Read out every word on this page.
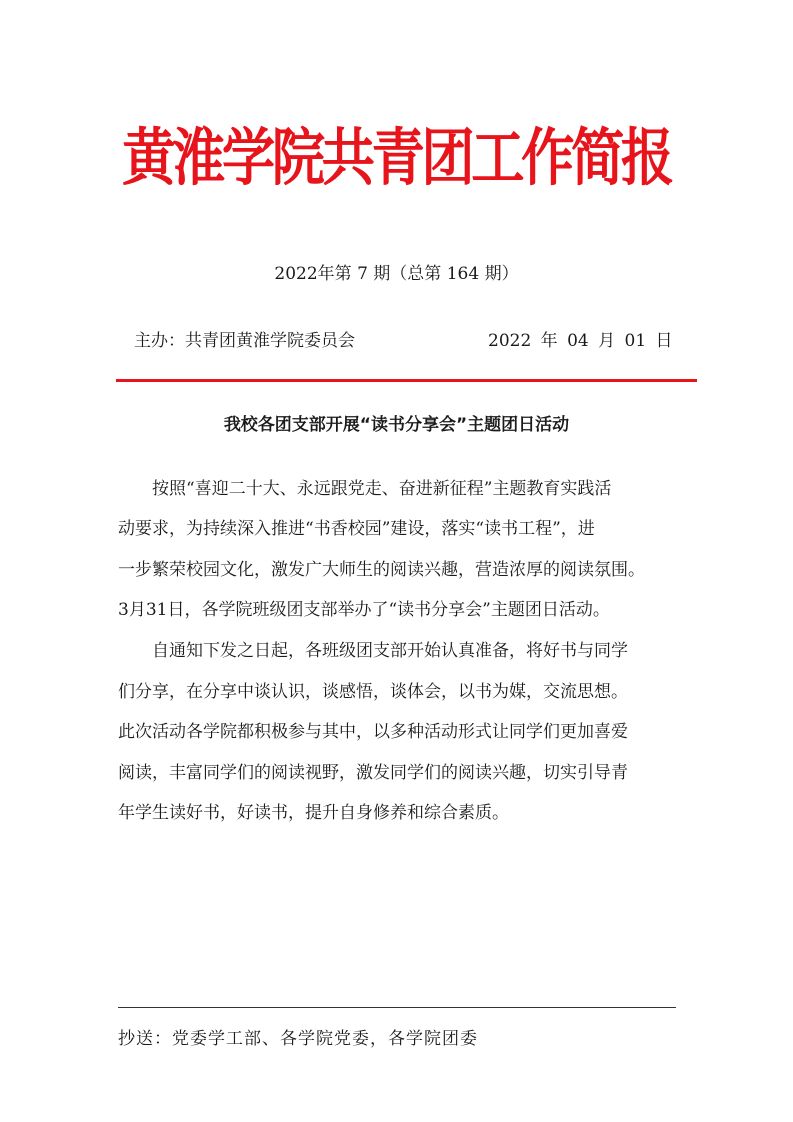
黄淮学院共青团工作简报
2022年第 7 期（总第 164 期）
主办：共青团黄淮学院委员会	2022 年 04 月 01 日
我校各团支部开展“读书分享会”主题团日活动
按照“喜迎二十大、永远跟党走、奋进新征程”主题教育实践活
动要求，为持续深入推进“书香校园”建设，落实“读书工程”，进
一步繁荣校园文化，激发广大师生的阅读兴趣，营造浓厚的阅读氛围。
3月31日，各学院班级团支部举办了“读书分享会”主题团日活动。
自通知下发之日起，各班级团支部开始认真准备，将好书与同学
们分享，在分享中谈认识，谈感悟，谈体会，以书为媒，交流思想。
此次活动各学院都积极参与其中，以多种活动形式让同学们更加喜爱
阅读，丰富同学们的阅读视野，激发同学们的阅读兴趣，切实引导青
年学生读好书，好读书，提升自身修养和综合素质。
抄送：党委学工部、各学院党委，各学院团委
